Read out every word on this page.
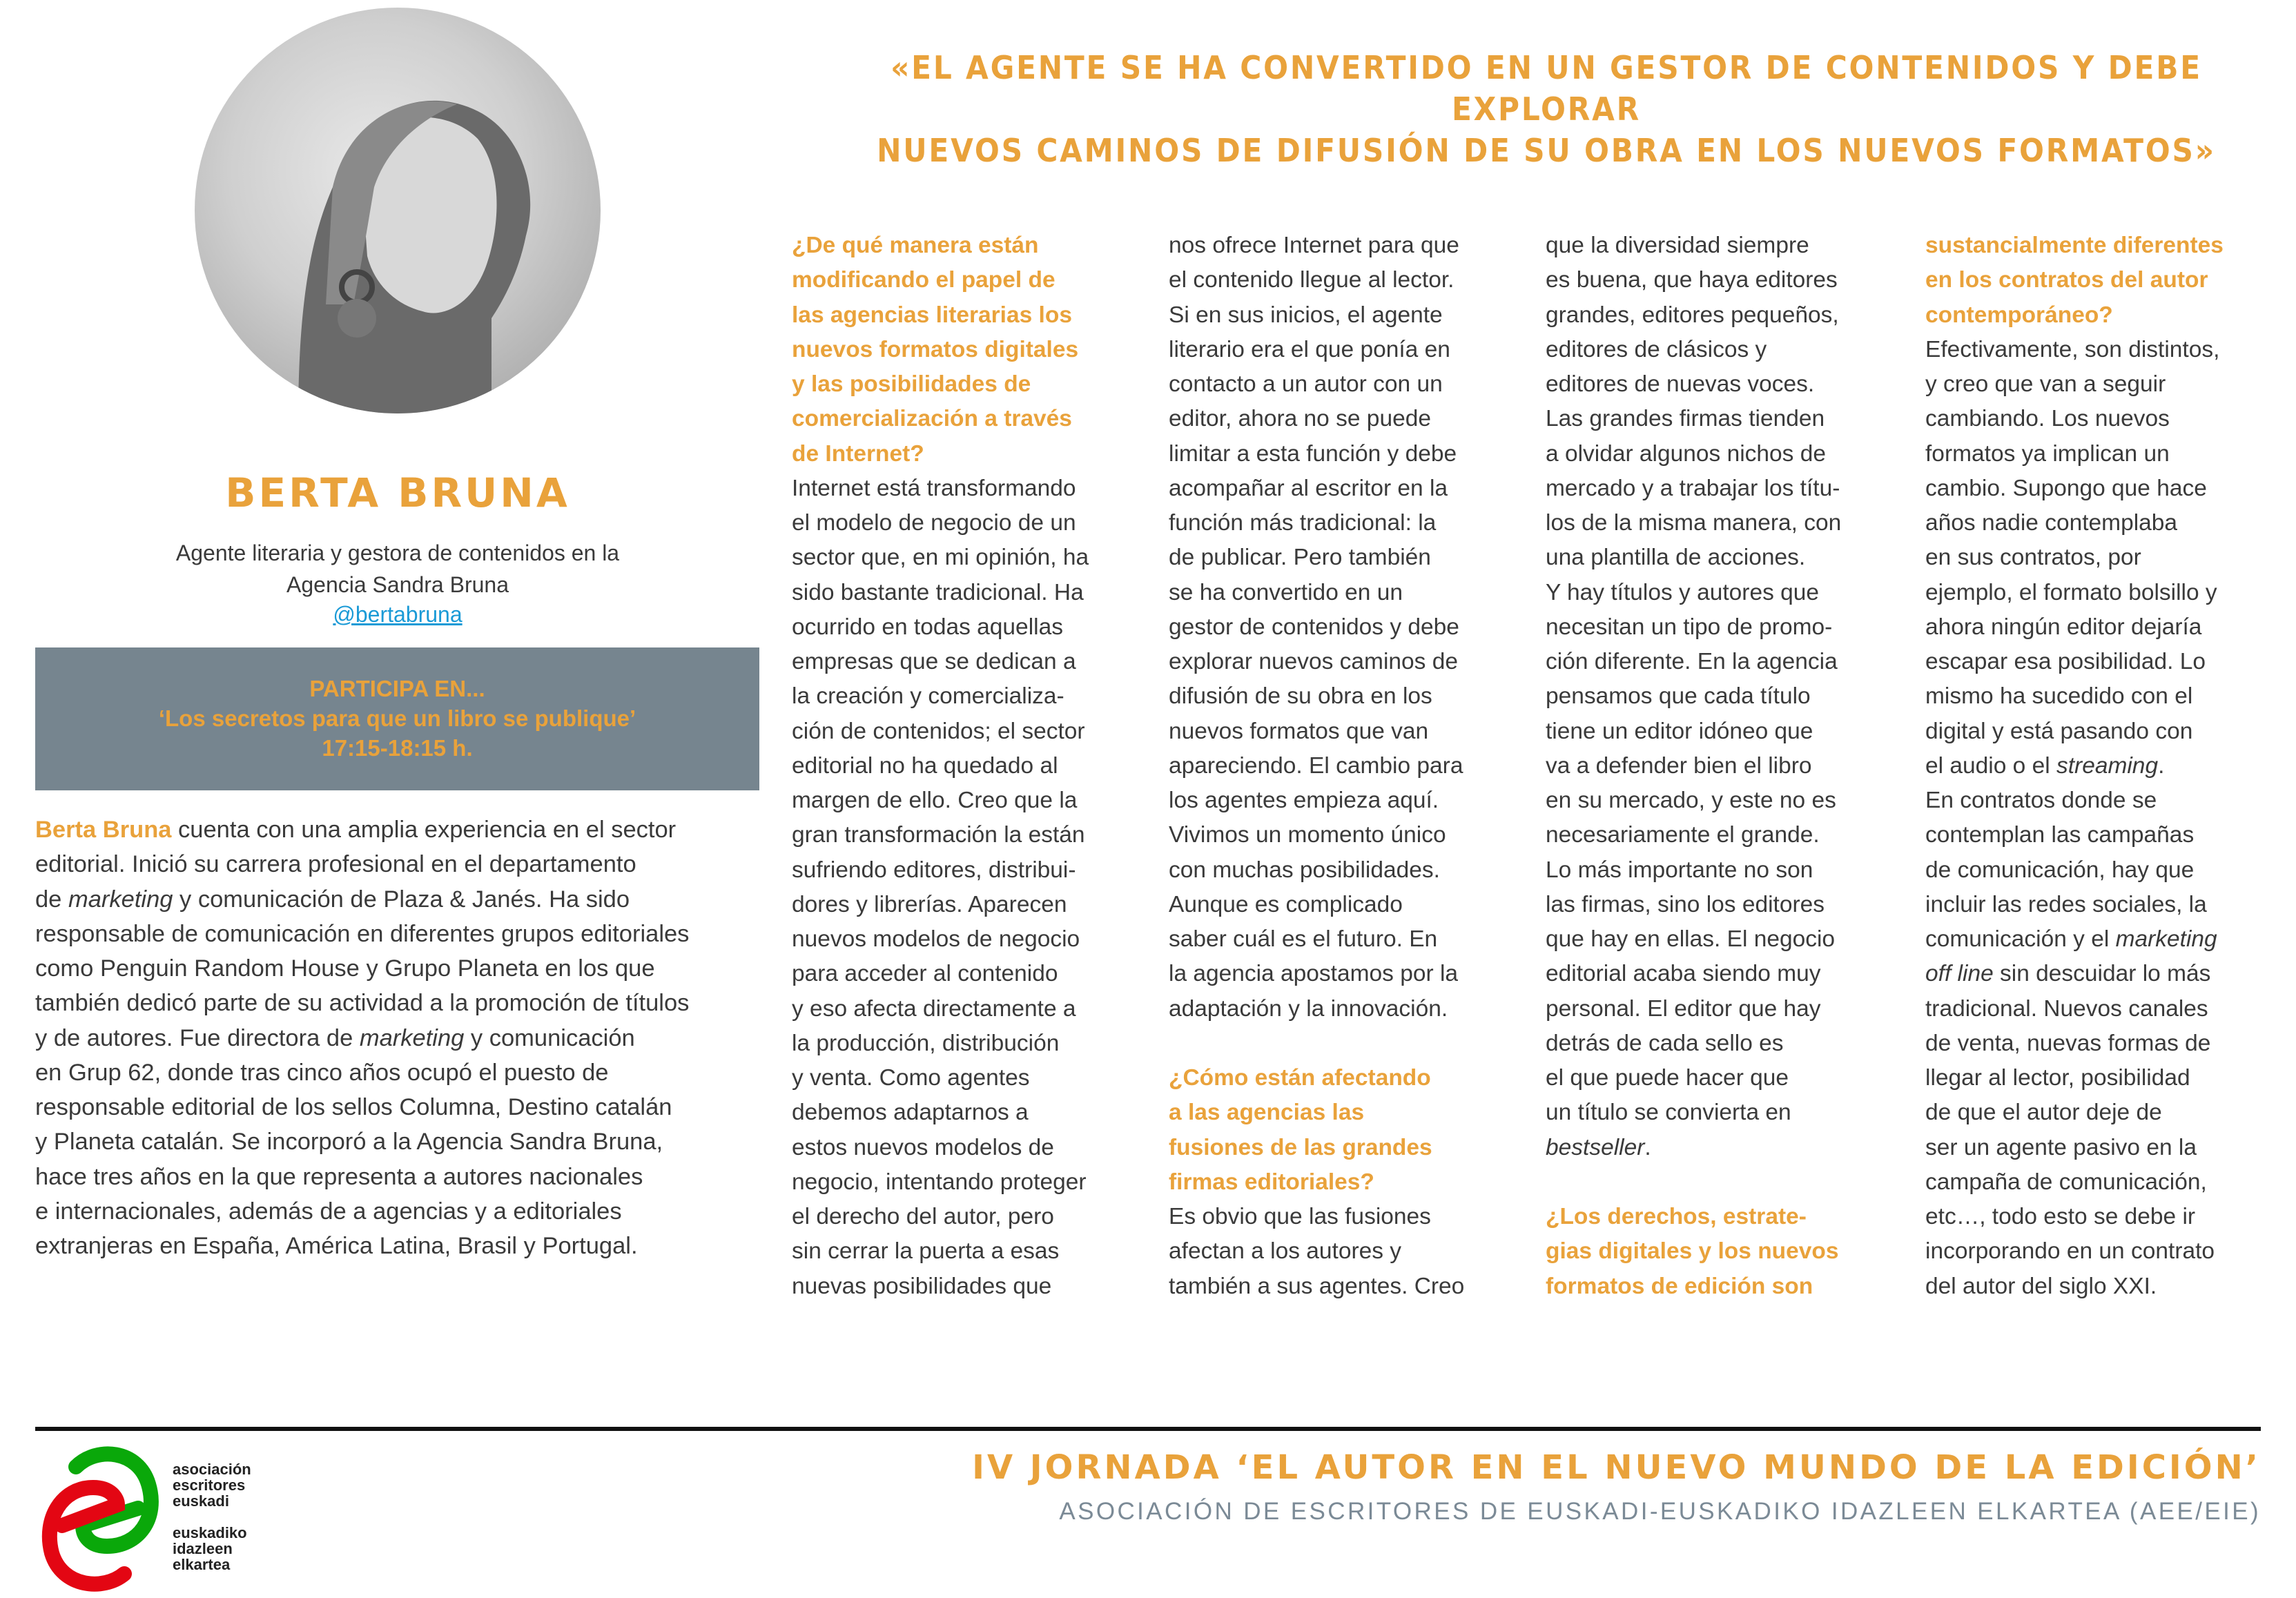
«EL AGENTE SE HA CONVERTIDO EN UN GESTOR DE CONTENIDOS Y DEBE EXPLORAR
NUEVOS CAMINOS DE DIFUSIÓN DE SU OBRA EN LOS NUEVOS FORMATOS»
BERTA BRUNA
Agente literaria y gestora de contenidos en la
Agencia Sandra Bruna
@bertabruna
PARTICIPA EN...
‘Los secretos para que un libro se publique’
17:15-18:15 h.
Berta Bruna cuenta con una amplia experiencia en el sector
editorial. Inició su carrera profesional en el departamento
de marketing y comunicación de Plaza & Janés. Ha sido
responsable de comunicación en diferentes grupos editoriales
como Penguin Random House y Grupo Planeta en los que
también dedicó parte de su actividad a la promoción de títulos
y de autores. Fue directora de marketing y comunicación
en Grup 62, donde tras cinco años ocupó el puesto de
responsable editorial de los sellos Columna, Destino catalán
y Planeta catalán. Se incorporó a la Agencia Sandra Bruna,
hace tres años en la que representa a autores nacionales
e internacionales, además de a agencias y a editoriales
extranjeras en España, América Latina, Brasil y Portugal.
¿De qué manera están
modificando el papel de
las agencias literarias los
nuevos formatos digitales
y las posibilidades de
comercialización a través
de Internet?
Internet está transformando
el modelo de negocio de un
sector que, en mi opinión, ha
sido bastante tradicional. Ha
ocurrido en todas aquellas
empresas que se dedican a
la creación y comercializa-
ción de contenidos; el sector
editorial no ha quedado al
margen de ello. Creo que la
gran transformación la están
sufriendo editores, distribui-
dores y librerías. Aparecen
nuevos modelos de negocio
para acceder al contenido
y eso afecta directamente a
la producción, distribución
y venta. Como agentes
debemos adaptarnos a
estos nuevos modelos de
negocio, intentando proteger
el derecho del autor, pero
sin cerrar la puerta a esas
nuevas posibilidades que
nos ofrece Internet para que
el contenido llegue al lector.
Si en sus inicios, el agente
literario era el que ponía en
contacto a un autor con un
editor, ahora no se puede
limitar a esta función y debe
acompañar al escritor en la
función más tradicional: la
de publicar. Pero también
se ha convertido en un
gestor de contenidos y debe
explorar nuevos caminos de
difusión de su obra en los
nuevos formatos que van
apareciendo. El cambio para
los agentes empieza aquí.
Vivimos un momento único
con muchas posibilidades.
Aunque es complicado
saber cuál es el futuro. En
la agencia apostamos por la
adaptación y la innovación.
¿Cómo están afectando
a las agencias las
fusiones de las grandes
firmas editoriales?
Es obvio que las fusiones
afectan a los autores y
también a sus agentes. Creo
que la diversidad siempre
es buena, que haya editores
grandes, editores pequeños,
editores de clásicos y
editores de nuevas voces.
Las grandes firmas tienden
a olvidar algunos nichos de
mercado y a trabajar los títu-
los de la misma manera, con
una plantilla de acciones.
Y hay títulos y autores que
necesitan un tipo de promo-
ción diferente. En la agencia
pensamos que cada título
tiene un editor idóneo que
va a defender bien el libro
en su mercado, y este no es
necesariamente el grande.
Lo más importante no son
las firmas, sino los editores
que hay en ellas. El negocio
editorial acaba siendo muy
personal. El editor que hay
detrás de cada sello es
el que puede hacer que
un título se convierta en
bestseller.
¿Los derechos, estrate-
gias digitales y los nuevos
formatos de edición son
sustancialmente diferentes
en los contratos del autor
contemporáneo?
Efectivamente, son distintos,
y creo que van a seguir
cambiando. Los nuevos
formatos ya implican un
cambio. Supongo que hace
años nadie contemplaba
en sus contratos, por
ejemplo, el formato bolsillo y
ahora ningún editor dejaría
escapar esa posibilidad. Lo
mismo ha sucedido con el
digital y está pasando con
el audio o el streaming.
En contratos donde se
contemplan las campañas
de comunicación, hay que
incluir las redes sociales, la
comunicación y el marketing
off line sin descuidar lo más
tradicional. Nuevos canales
de venta, nuevas formas de
llegar al lector, posibilidad
de que el autor deje de
ser un agente pasivo en la
campaña de comunicación,
etc…, todo esto se debe ir
incorporando en un contrato
del autor del siglo XXI.
asociación
escritores
euskadi
euskadiko
idazleen
elkartea
IV JORNADA ‘EL AUTOR EN EL NUEVO MUNDO DE LA EDICIÓN’
ASOCIACIÓN DE ESCRITORES DE EUSKADI-EUSKADIKO IDAZLEEN ELKARTEA (AEE/EIE)
